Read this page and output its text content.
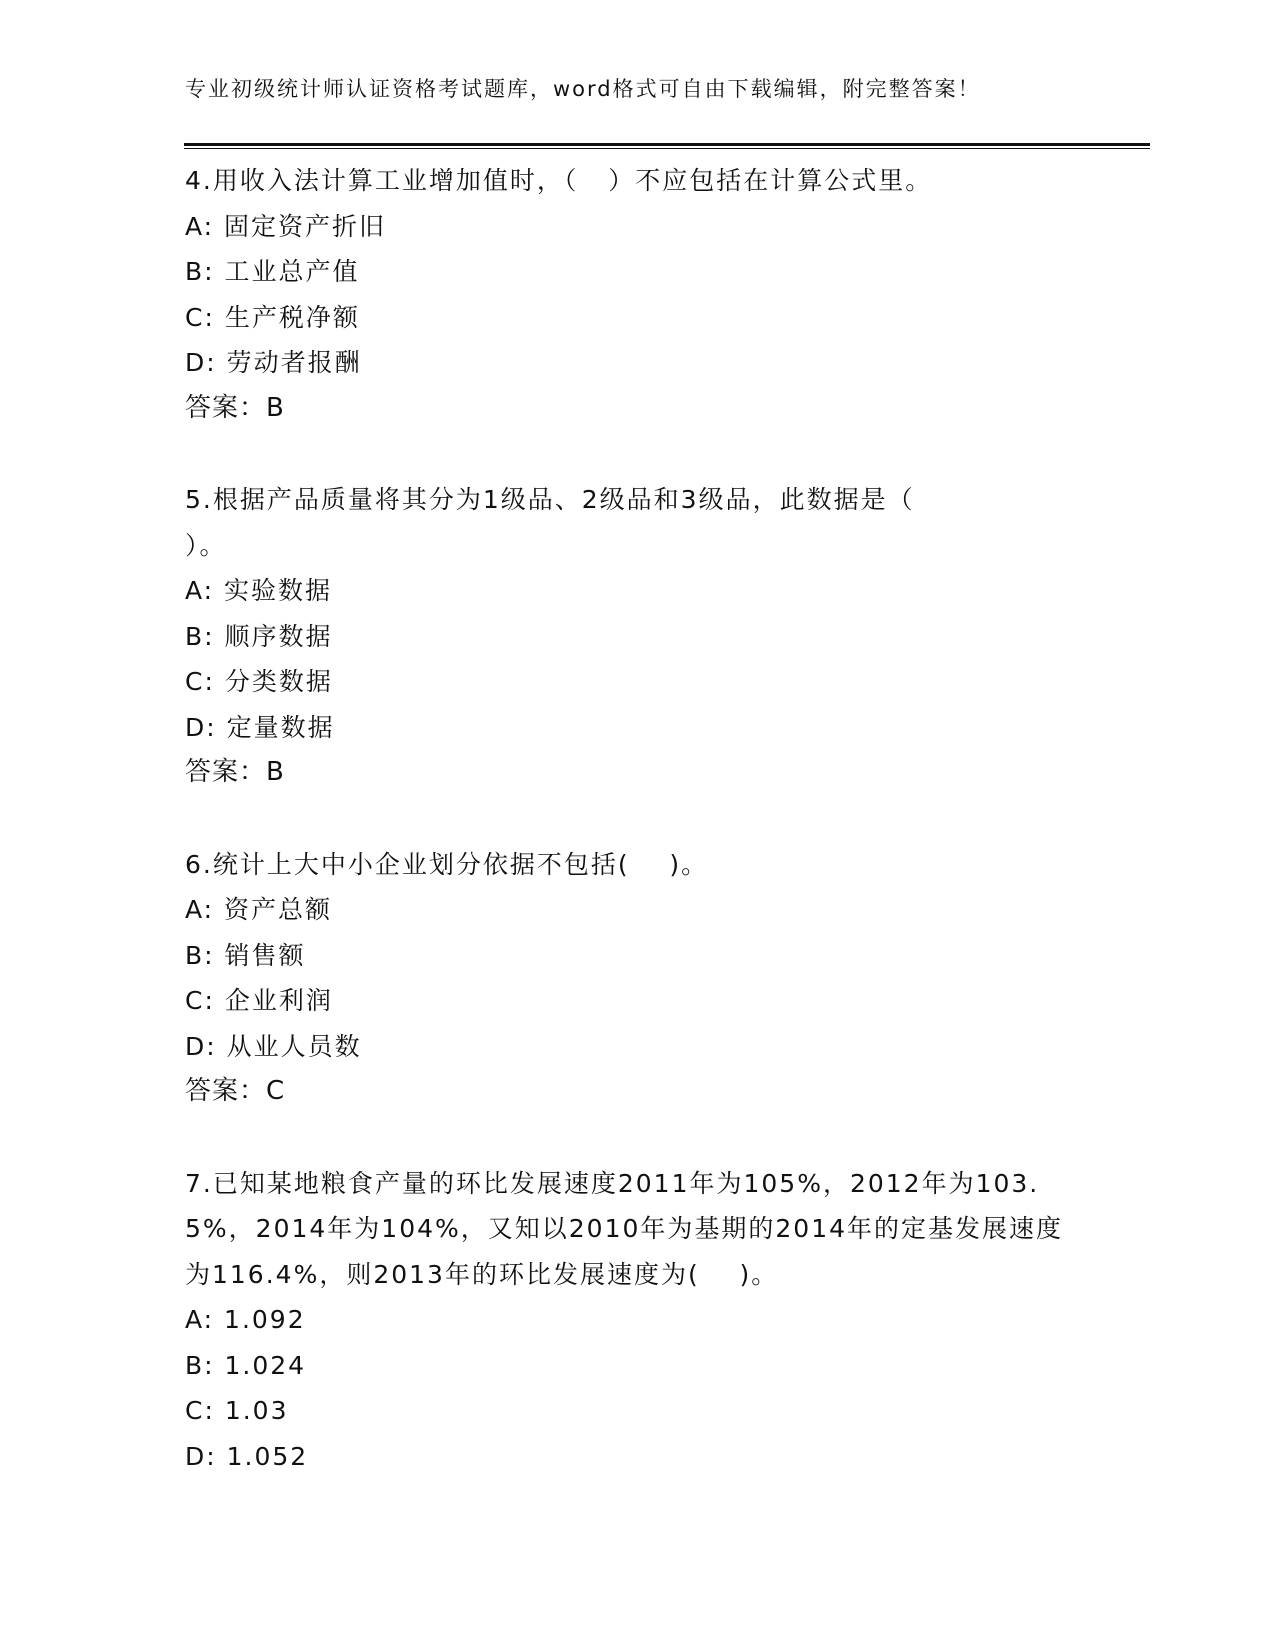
专业初级统计师认证资格考试题库，word格式可自由下载编辑，附完整答案！

4.用收入法计算工业增加值时，（   ）不应包括在计算公式里。

A: 固定资产折旧

B: 工业总产值

C: 生产税净额

D: 劳动者报酬

答案：B

5.根据产品质量将其分为1级品、2级品和3级品，此数据是（

）。

A: 实验数据

B: 顺序数据

C: 分类数据

D: 定量数据

答案：B

6.统计上大中小企业划分依据不包括(    )。

A: 资产总额

B: 销售额

C: 企业利润

D: 从业人员数

答案：C

7.已知某地粮食产量的环比发展速度2011年为105%，2012年为103.

5%，2014年为104%，又知以2010年为基期的2014年的定基发展速度

为116.4%，则2013年的环比发展速度为(    )。

A: 1.092

B: 1.024

C: 1.03

D: 1.052
